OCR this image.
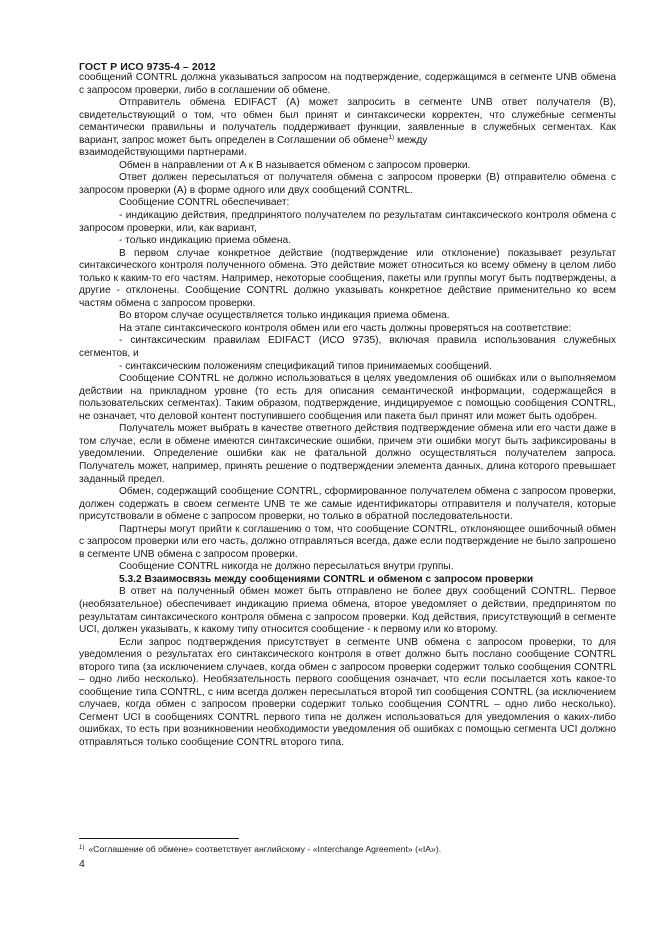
ГОСТ Р ИСО 9735-4 – 2012

сообщений CONTRL должна указываться запросом на подтверждение, содержащимся в сегменте UNB обмена с запросом проверки, либо в соглашении об обмене.

Отправитель обмена EDIFACT (A) может запросить в сегменте UNB ответ получателя (B), свидетельствующий о том, что обмен был принят и синтаксически корректен, что служебные сегменты семантически правильны и получатель поддерживает функции, заявленные в служебных сегментах. Как вариант, запрос может быть определен в Соглашении об обмене$^{1)}$ между

взаимодействующими партнерами.

Обмен в направлении от A к B называется обменом с запросом проверки.

Ответ должен пересылаться от получателя обмена с запросом проверки (B) отправителю обмена с запросом проверки (A) в форме одного или двух сообщений CONTRL.

Сообщение CONTRL обеспечивает:

- индикацию действия, предпринятого получателем по результатам синтаксического контроля обмена с запросом проверки, или, как вариант,

- только индикацию приема обмена.

В первом случае конкретное действие (подтверждение или отклонение) показывает результат синтаксического контроля полученного обмена. Это действие может относиться ко всему обмену в целом либо только к каким-то его частям. Например, некоторые сообщения, пакеты или группы могут быть подтверждены, а другие - отклонены. Сообщение CONTRL должно указывать конкретное действие применительно ко всем частям обмена с запросом проверки.

Во втором случае осуществляется только индикация приема обмена.

На этапе синтаксического контроля обмен или его часть должны проверяться на соответствие:

- синтаксическим правилам EDIFACT (ИСО 9735), включая правила использования служебных сегментов, и

- синтаксическим положениям спецификаций типов принимаемых сообщений.

Сообщение CONTRL не должно использоваться в целях уведомления об ошибках или о выполняемом действии на прикладном уровне (то есть для описания семантической информации, содержащейся в пользовательских сегментах). Таким образом, подтверждение, индицируемое с помощью сообщения CONTRL, не означает, что деловой контент поступившего сообщения или пакета был принят или может быть одобрен.

Получатель может выбрать в качестве ответного действия подтверждение обмена или его части даже в том случае, если в обмене имеются синтаксические ошибки, причем эти ошибки могут быть зафиксированы в уведомлении. Определение ошибки как не фатальной должно осуществляться получателем запроса. Получатель может, например, принять решение о подтверждении элемента данных, длина которого превышает заданный предел.

Обмен, содержащий сообщение CONTRL, сформированное получателем обмена с запросом проверки, должен содержать в своем сегменте UNB те же самые идентификаторы отправителя и получателя, которые присутствовали в обмене с запросом проверки, но только в обратной последовательности.

Партнеры могут прийти к соглашению о том, что сообщение CONTRL, отклоняющее ошибочный обмен с запросом проверки или его часть, должно отправляться всегда, даже если подтверждение не было запрошено в сегменте UNB обмена с запросом проверки.

Сообщение CONTRL никогда не должно пересылаться внутри группы.

5.3.2 Взаимосвязь между сообщениями CONTRL и обменом с запросом проверки

В ответ на полученный обмен может быть отправлено не более двух сообщений CONTRL. Первое (необязательное) обеспечивает индикацию приема обмена, второе уведомляет о действии, предпринятом по результатам синтаксического контроля обмена с запросом проверки. Код действия, присутствующий в сегменте UCI, должен указывать, к какому типу относится сообщение - к первому или ко второму.

Если запрос подтверждения присутствует в сегменте UNB обмена с запросом проверки, то для уведомления о результатах его синтаксического контроля в ответ должно быть послано сообщение CONTRL второго типа (за исключением случаев, когда обмен с запросом проверки содержит только сообщения CONTRL – одно либо несколько). Необязательность первого сообщения означает, что если посылается хоть какое-то сообщение типа CONTRL, с ним всегда должен пересылаться второй тип сообщения CONTRL (за исключением случаев, когда обмен с запросом проверки содержит только сообщения CONTRL – одно либо несколько). Сегмент UCI в сообщениях CONTRL первого типа не должен использоваться для уведомления о каких-либо ошибках, то есть при возникновении необходимости уведомления об ошибках с помощью сегмента UCI должно отправляться только сообщение CONTRL второго типа.

$^{1)}$ «Соглашение об обмене» соответствует английскому - «Interchange Agreement» («IA»).
4
